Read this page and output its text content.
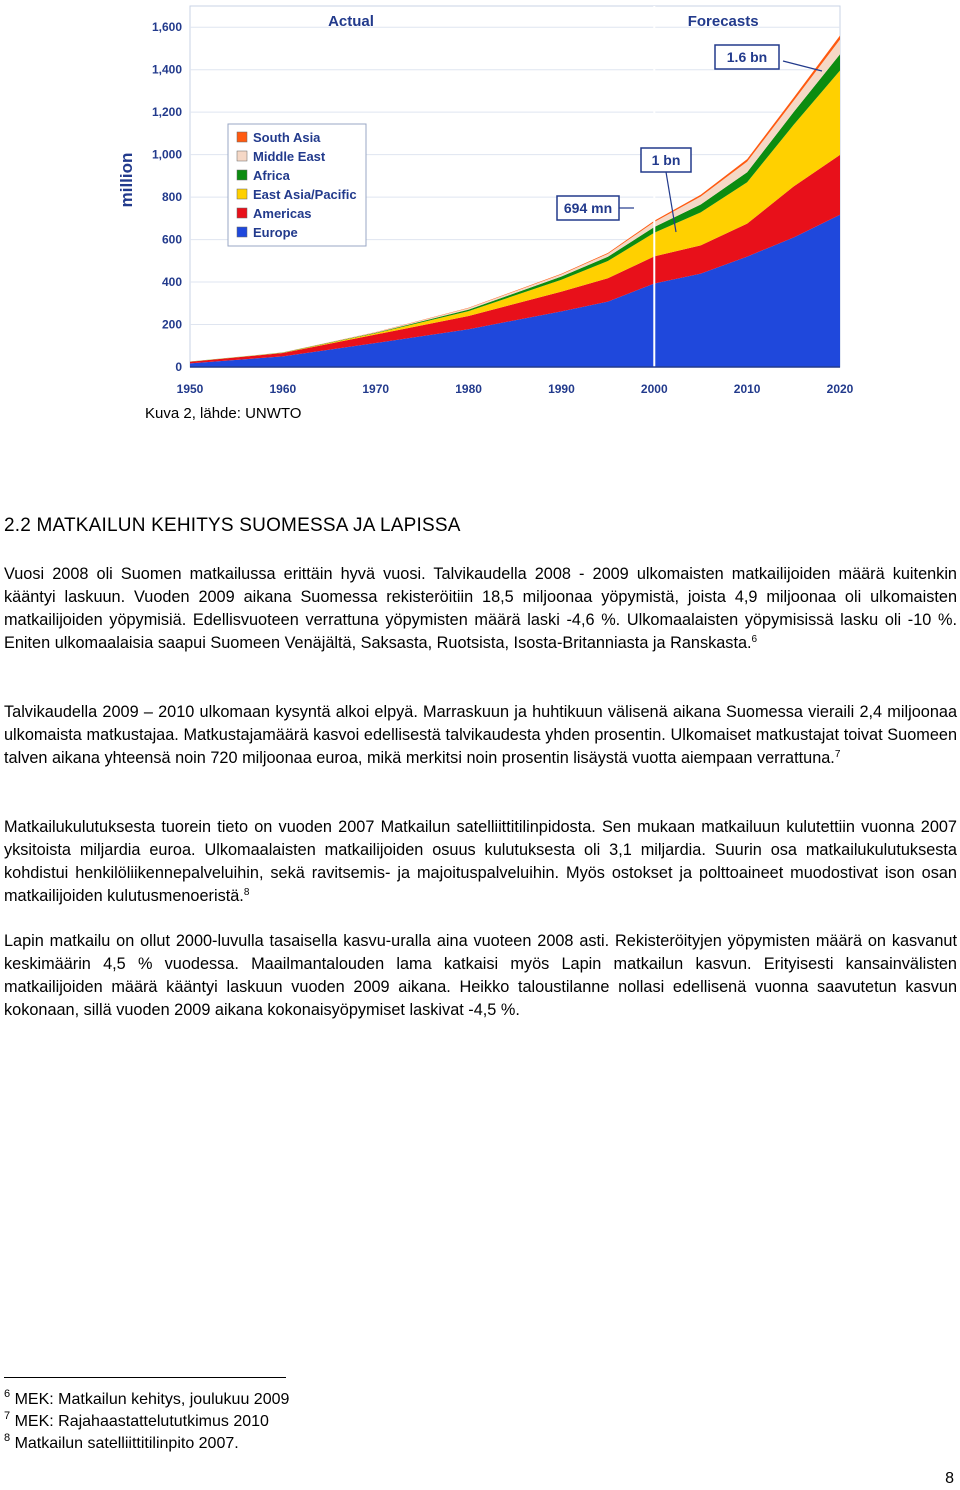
0
200
400
600
800
1,000
1,200
1,400
1,600
1950	1960	1970	1980	1990	2000	2010	2020
million
Actual	Forecasts
1.6 bn
1 bn
694 mn
South Asia
Middle East
Africa
East Asia/Pacific
Americas
Europe
Kuva 2, lähde: UNWTO
2.2 MATKAILUN KEHITYS SUOMESSA JA LAPISSA

Vuosi 2008 oli Suomen matkailussa erittäin hyvä vuosi. Talvikaudella 2008 - 2009 ulkomaisten matkailijoiden määrä kuitenkin kääntyi laskuun. Vuoden 2009 aikana Suomessa rekisteröitiin 18,5 miljoonaa yöpymistä, joista 4,9 miljoonaa oli ulkomaisten matkailijoiden yöpymisiä. Edellisvuoteen verrattuna yöpymisten määrä laski -4,6 %. Ulkomaalaisten yöpymisissä lasku oli -10 %. Eniten ulkomaalaisia saapui Suomeen Venäjältä, Saksasta, Ruotsista, Isosta-Britanniasta ja Ranskasta.$^6$

Talvikaudella 2009 – 2010 ulkomaan kysyntä alkoi elpyä. Marraskuun ja huhtikuun välisenä aikana Suomessa vieraili 2,4 miljoonaa ulkomaista matkustajaa. Matkustajamäärä kasvoi edellisestä talvikaudesta yhden prosentin. Ulkomaiset matkustajat toivat Suomeen talven aikana yhteensä noin 720 miljoonaa euroa, mikä merkitsi noin prosentin lisäystä vuotta aiempaan verrattuna.$^7$

Matkailukulutuksesta tuorein tieto on vuoden 2007 Matkailun satelliittitilinpidosta. Sen mukaan matkailuun kulutettiin vuonna 2007 yksitoista miljardia euroa. Ulkomaalaisten matkailijoiden osuus kulutuksesta oli 3,1 miljardia. Suurin osa matkailukulutuksesta kohdistui henkilöliikennepalveluihin, sekä ravitsemis- ja majoituspalveluihin. Myös ostokset ja polttoaineet muodostivat ison osan matkailijoiden kulutusmenoeristä.$^8$

Lapin matkailu on ollut 2000-luvulla tasaisella kasvu-uralla aina vuoteen 2008 asti. Rekisteröityjen yöpymisten määrä on kasvanut keskimäärin 4,5 % vuodessa. Maailmantalouden lama katkaisi myös Lapin matkailun kasvun. Erityisesti kansainvälisten matkailijoiden määrä kääntyi laskuun vuoden 2009 aikana. Heikko taloustilanne nollasi edellisenä vuonna saavutetun kasvun kokonaan, sillä vuoden 2009 aikana kokonaisyöpymiset laskivat -4,5 %.

$^6$ MEK: Matkailun kehitys, joulukuu 2009
$^7$ MEK: Rajahaastattelututkimus 2010
$^8$ Matkailun satelliittitilinpito 2007.
8
